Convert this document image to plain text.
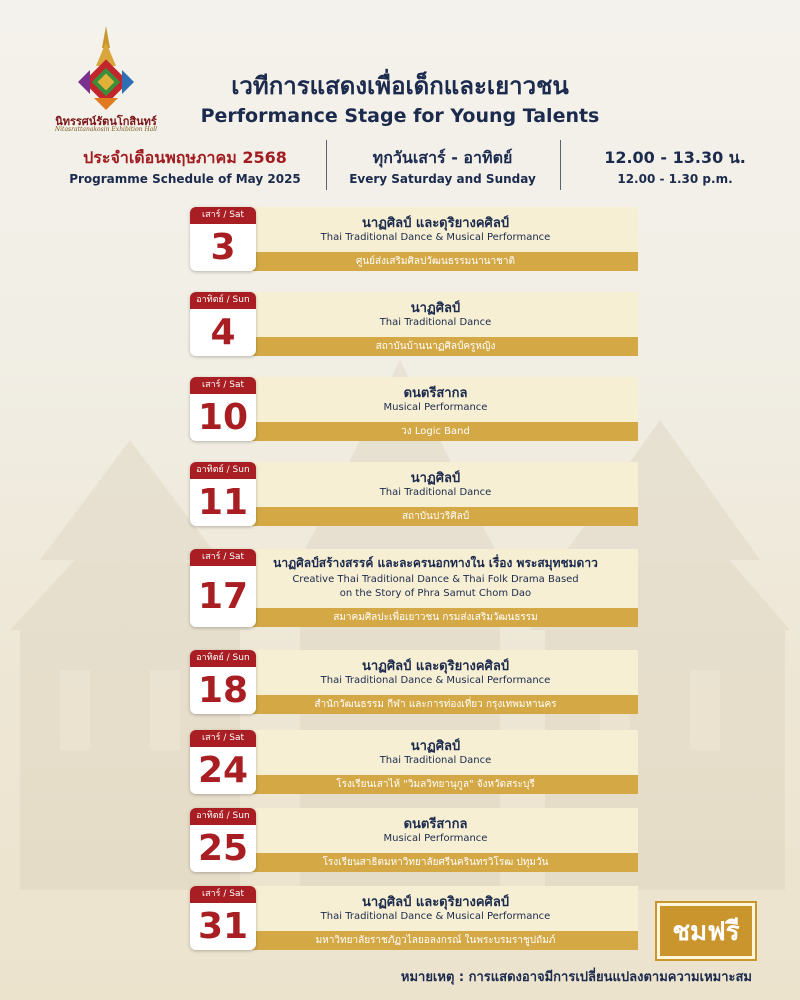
นิทรรศน์รัตนโกสินทร์
Nitasrattanakosin Exhibition Hall
เวทีการแสดงเพื่อเด็กและเยาวชน
Performance Stage for Young Talents
ประจำเดือนพฤษภาคม 2568
Programme Schedule of May 2025
ทุกวันเสาร์ - อาทิตย์
Every Saturday and Sunday
12.00 - 13.30 น.
12.00 - 1.30 p.m.
นาฏศิลป์ และดุริยางคศิลป์
Thai Traditional Dance & Musical Performance
ศูนย์ส่งเสริมศิลปวัฒนธรรมนานาชาติ
เสาร์ / Sat
3
นาฏศิลป์
Thai Traditional Dance
สถาบันบ้านนาฏศิลป์ครูหญิง
อาทิตย์ / Sun
4
ดนตรีสากล
Musical Performance
วง Logic Band
เสาร์ / Sat
10
นาฏศิลป์
Thai Traditional Dance
สถาบันปวริศิลป์
อาทิตย์ / Sun
11
นาฏศิลป์สร้างสรรค์ และละครนอกทางใน เรื่อง พระสมุทชมดาว
Creative Thai Traditional Dance & Thai Folk Drama Based
on the Story of Phra Samut Chom Dao
สมาคมศิลปะเพื่อเยาวชน กรมส่งเสริมวัฒนธรรม
เสาร์ / Sat
17
นาฏศิลป์ และดุริยางคศิลป์
Thai Traditional Dance & Musical Performance
สำนักวัฒนธรรม กีฬา และการท่องเที่ยว กรุงเทพมหานคร
อาทิตย์ / Sun
18
นาฏศิลป์
Thai Traditional Dance
โรงเรียนเสาไห้ "วิมลวิทยานุกูล" จังหวัดสระบุรี
เสาร์ / Sat
24
ดนตรีสากล
Musical Performance
โรงเรียนสาธิตมหาวิทยาลัยศรีนครินทรวิโรฒ ปทุมวัน
อาทิตย์ / Sun
25
นาฏศิลป์ และดุริยางคศิลป์
Thai Traditional Dance & Musical Performance
มหาวิทยาลัยราชภัฏวไลยอลงกรณ์ ในพระบรมราชูปถัมภ์
เสาร์ / Sat
31	ชมฟรี
หมายเหตุ : การแสดงอาจมีการเปลี่ยนแปลงตามความเหมาะสม
